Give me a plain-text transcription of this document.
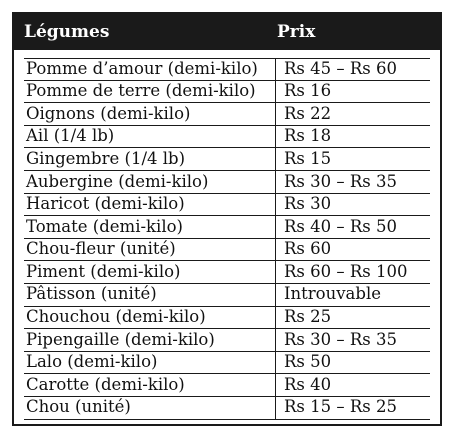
Légumes	Prix
Pomme d’amour (demi-kilo)	Rs 45 – Rs 60
Pomme de terre (demi-kilo)	Rs 16
Oignons (demi-kilo)	Rs 22
Ail (1/4 lb)	Rs 18
Gingembre (1/4 lb)	Rs 15
Aubergine (demi-kilo)	Rs 30 – Rs 35
Haricot (demi-kilo)	Rs 30
Tomate (demi-kilo)	Rs 40 – Rs 50
Chou-fleur (unité)	Rs 60
Piment (demi-kilo)	Rs 60 – Rs 100
Pâtisson (unité)	Introuvable
Chouchou (demi-kilo)	Rs 25
Pipengaille (demi-kilo)	Rs 30 – Rs 35
Lalo (demi-kilo)	Rs 50
Carotte (demi-kilo)	Rs 40
Chou (unité)	Rs 15 – Rs 25
